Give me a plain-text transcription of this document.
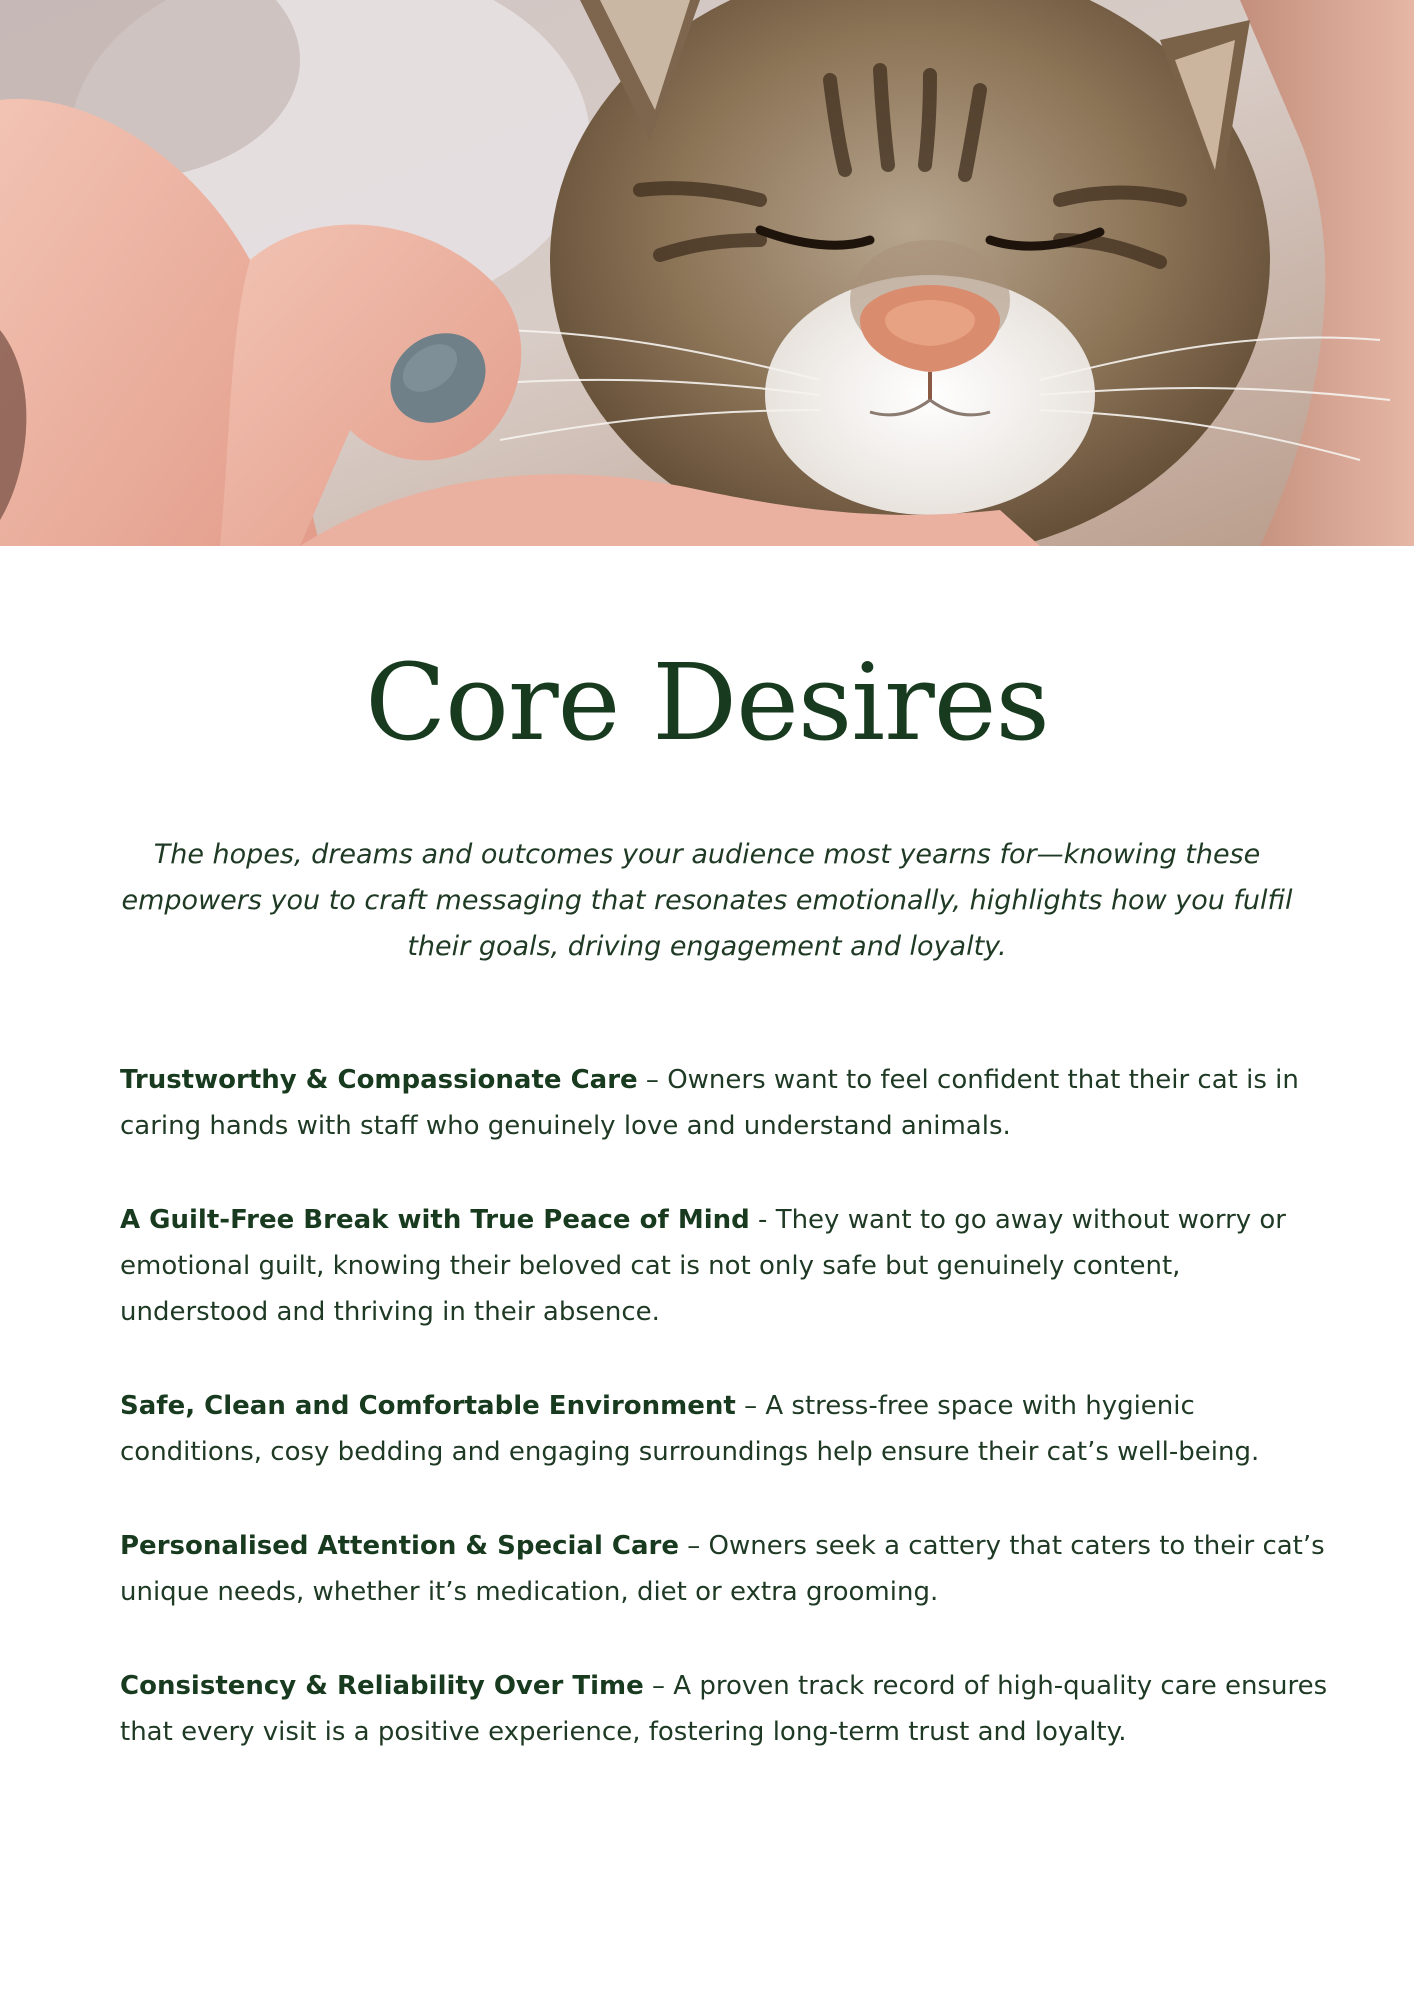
Core Desires

The hopes, dreams and outcomes your audience most yearns for—knowing these empowers you to craft messaging that resonates emotionally, highlights how you fulfil their goals, driving engagement and loyalty.

Trustworthy & Compassionate Care – Owners want to feel confident that their cat is in caring hands with staff who genuinely love and understand animals.
A Guilt-Free Break with True Peace of Mind - They want to go away without worry or emotional guilt, knowing their beloved cat is not only safe but genuinely content, understood and thriving in their absence.
Safe, Clean and Comfortable Environment – A stress-free space with hygienic conditions, cosy bedding and engaging surroundings help ensure their cat’s well-being.
Personalised Attention & Special Care – Owners seek a cattery that caters to their cat’s unique needs, whether it’s medication, diet or extra grooming.
Consistency & Reliability Over Time – A proven track record of high-quality care ensures that every visit is a positive experience, fostering long-term trust and loyalty.
